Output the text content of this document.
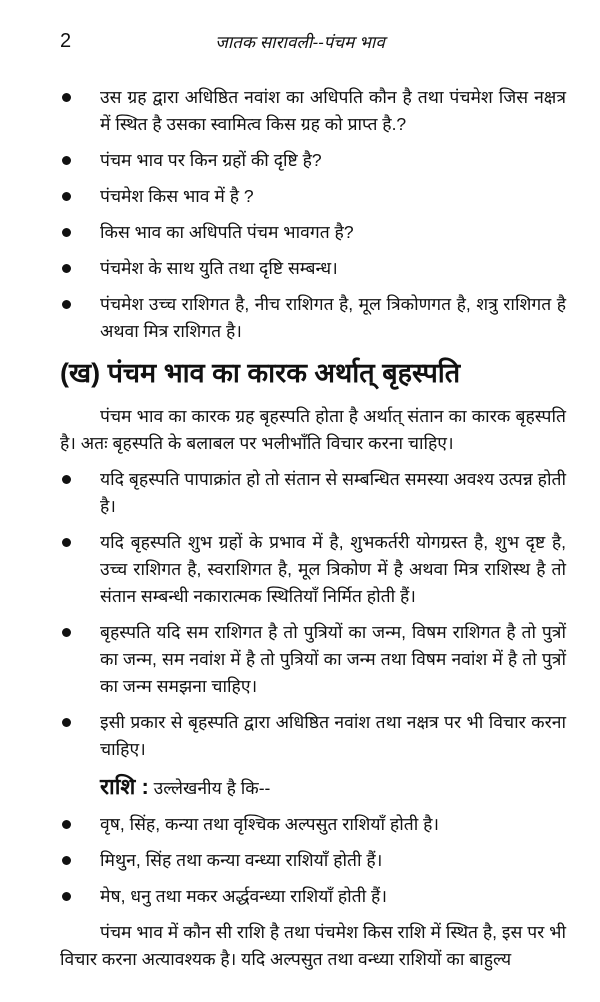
2	जातक सारावली--पंचम भाव
उस ग्रह द्वारा अधिष्ठित नवांश का अधिपति कौन है तथा पंचमेश जिस नक्षत्र में स्थित है उसका स्वामित्व किस ग्रह को प्राप्त है.?
पंचम भाव पर किन ग्रहों की दृष्टि है?
पंचमेश किस भाव में है ?
किस भाव का अधिपति पंचम भावगत है?
पंचमेश के साथ युति तथा दृष्टि सम्बन्ध।
पंचमेश उच्च राशिगत है, नीच राशिगत है, मूल त्रिकोणगत है, शत्रु राशिगत है अथवा मित्र राशिगत है।
(ख) पंचम भाव का कारक अर्थात् बृहस्पति
पंचम भाव का कारक ग्रह बृहस्पति होता है अर्थात् संतान का कारक बृहस्पति है। अतः बृहस्पति के बलाबल पर भलीभाँति विचार करना चाहिए।
यदि बृहस्पति पापाक्रांत हो तो संतान से सम्बन्धित समस्या अवश्य उत्पन्न होती है।
यदि बृहस्पति शुभ ग्रहों के प्रभाव में है, शुभकर्तरी योगग्रस्त है, शुभ दृष्ट है, उच्च राशिगत है, स्वराशिगत है, मूल त्रिकोण में है अथवा मित्र राशिस्थ है तो संतान सम्बन्धी नकारात्मक स्थितियाँ निर्मित होती हैं।
बृहस्पति यदि सम राशिगत है तो पुत्रियों का जन्म, विषम राशिगत है तो पुत्रों का जन्म, सम नवांश में है तो पुत्रियों का जन्म तथा विषम नवांश में है तो पुत्रों का जन्म समझना चाहिए।
इसी प्रकार से बृहस्पति द्वारा अधिष्ठित नवांश तथा नक्षत्र पर भी विचार करना चाहिए।
राशि : उल्लेखनीय है कि--
वृष, सिंह, कन्या तथा वृश्चिक अल्पसुत राशियाँ होती है।
मिथुन, सिंह तथा कन्या वन्ध्या राशियाँ होती हैं।
मेष, धनु तथा मकर अर्द्धवन्ध्या राशियाँ होती हैं।
पंचम भाव में कौन सी राशि है तथा पंचमेश किस राशि में स्थित है, इस पर भी विचार करना अत्यावश्यक है। यदि अल्पसुत तथा वन्ध्या राशियों का बाहुल्य
